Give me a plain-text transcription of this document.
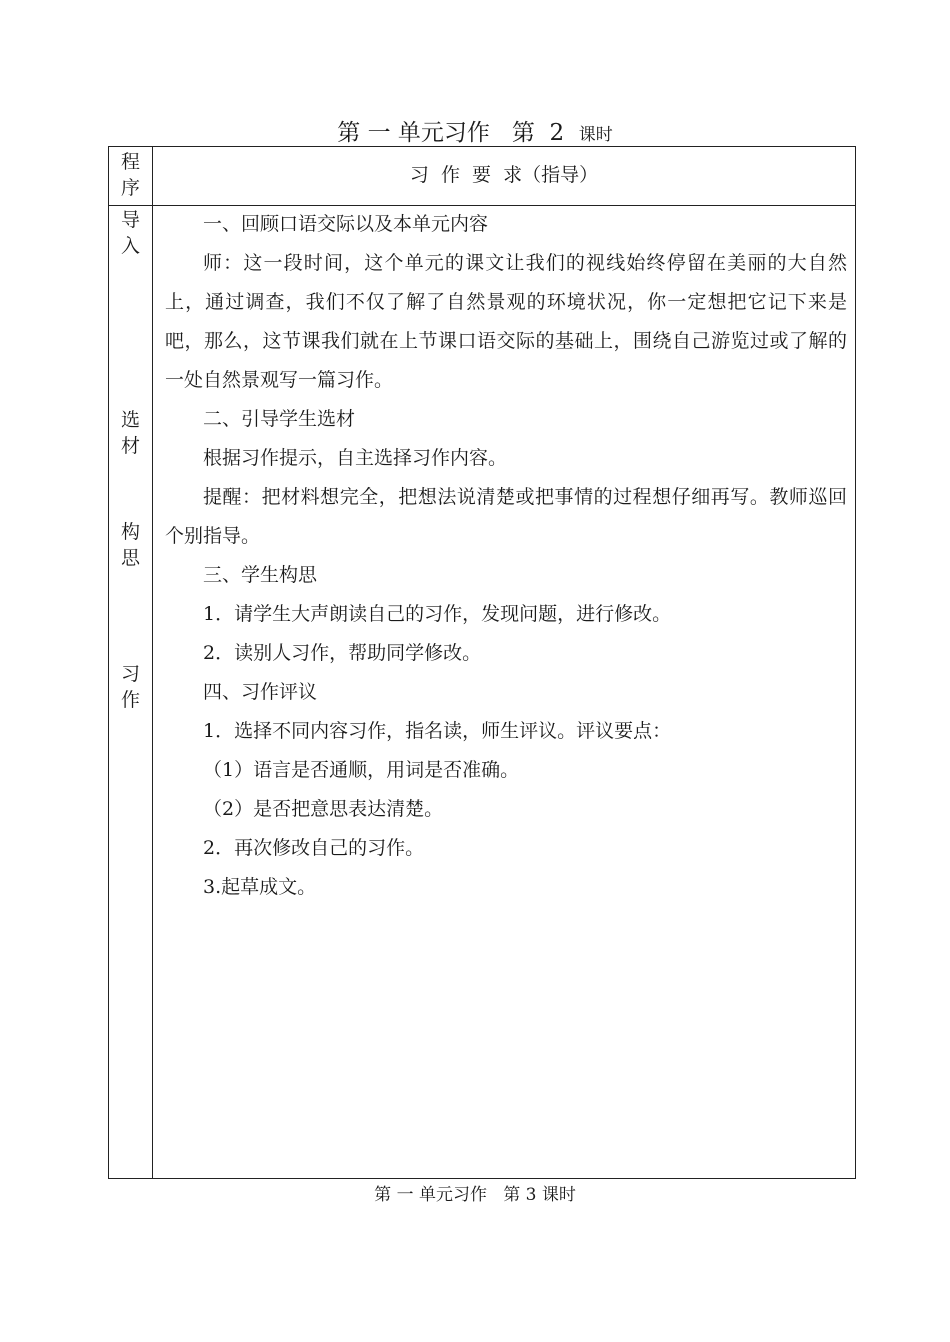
第 一 单元习作   第  2  课时
程
序
习  作  要  求（指导）
导
入
选
材
构
思
习
作

一、回顾口语交际以及本单元内容

师：这一段时间，这个单元的课文让我们的视线始终停留在美丽的大自然上，通过调查，我们不仅了解了自然景观的环境状况，你一定想把它记下来是吧，那么，这节课我们就在上节课口语交际的基础上，围绕自己游览过或了解的一处自然景观写一篇习作。

二、引导学生选材

根据习作提示，自主选择习作内容。

提醒：把材料想完全，把想法说清楚或把事情的过程想仔细再写。教师巡回个别指导。

三、学生构思

1．请学生大声朗读自己的习作，发现问题，进行修改。

2．读别人习作，帮助同学修改。

四、习作评议

1．选择不同内容习作，指名读，师生评议。评议要点：

（1）语言是否通顺，用词是否准确。

（2）是否把意思表达清楚。

2．再次修改自己的习作。

3.起草成文。

第 一 单元习作   第 3 课时
